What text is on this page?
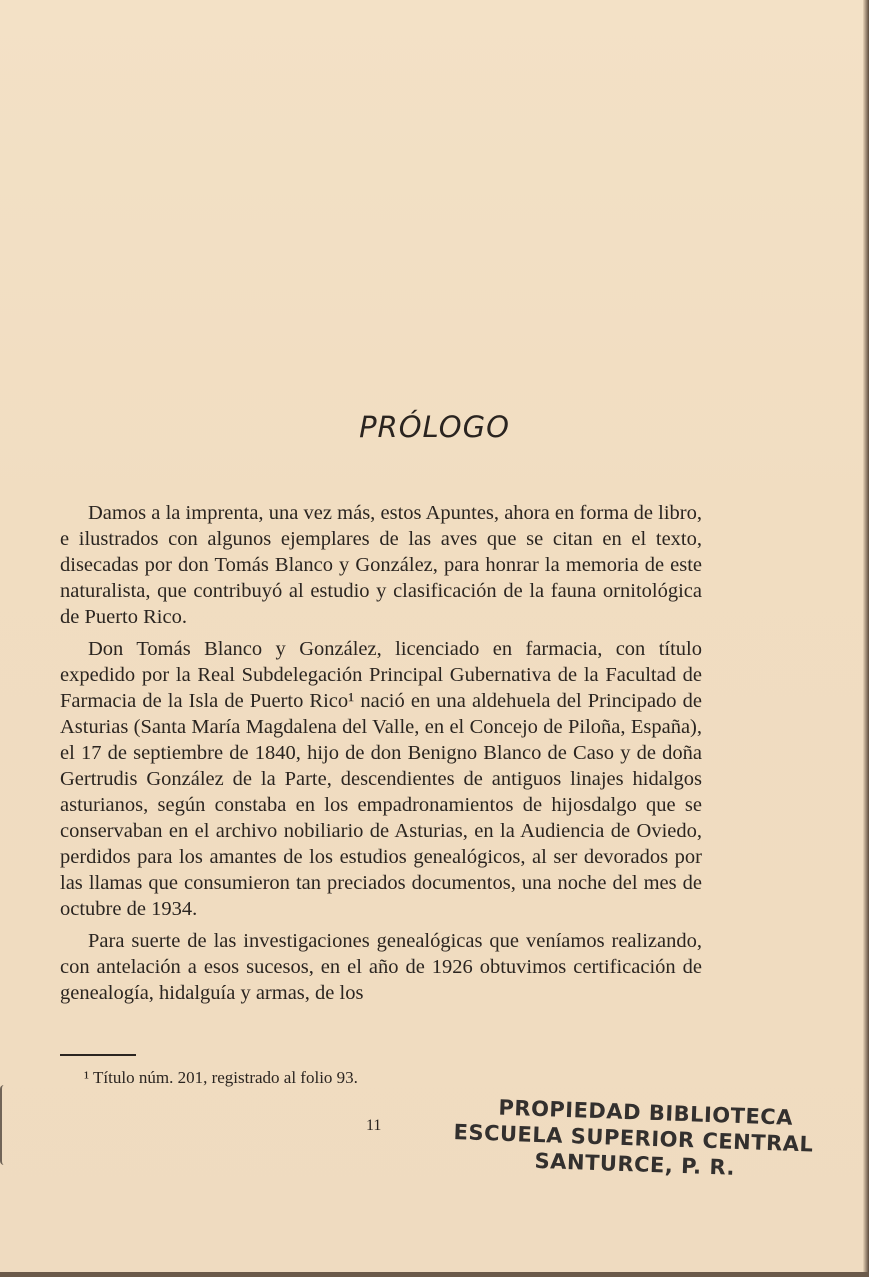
PRÓLOGO

Damos a la imprenta, una vez más, estos Apuntes, ahora en forma de libro, e ilustrados con algunos ejemplares de las aves que se citan en el texto, disecadas por don Tomás Blanco y González, para honrar la memoria de este naturalista, que contribuyó al estudio y clasificación de la fauna ornitológica de Puerto Rico.

Don Tomás Blanco y González, licenciado en farmacia, con título expedido por la Real Subdelegación Principal Gubernativa de la Facultad de Farmacia de la Isla de Puerto Rico¹ nació en una aldehuela del Principado de Asturias (Santa María Magdalena del Valle, en el Concejo de Piloña, España), el 17 de septiembre de 1840, hijo de don Benigno Blanco de Caso y de doña Gertrudis González de la Parte, descendientes de antiguos linajes hidalgos asturianos, según constaba en los empadronamientos de hijosdalgo que se conservaban en el archivo nobiliario de Asturias, en la Audiencia de Oviedo, perdidos para los amantes de los estudios genealógicos, al ser devorados por las llamas que consumieron tan preciados documentos, una noche del mes de octubre de 1934.

Para suerte de las investigaciones genealógicas que veníamos realizando, con antelación a esos sucesos, en el año de 1926 obtuvimos certificación de genealogía, hidalguía y armas, de los

¹ Título núm. 201, registrado al folio 93.
11	PROPIEDAD BIBLIOTECA
ESCUELA SUPERIOR CENTRAL
SANTURCE, P. R.
